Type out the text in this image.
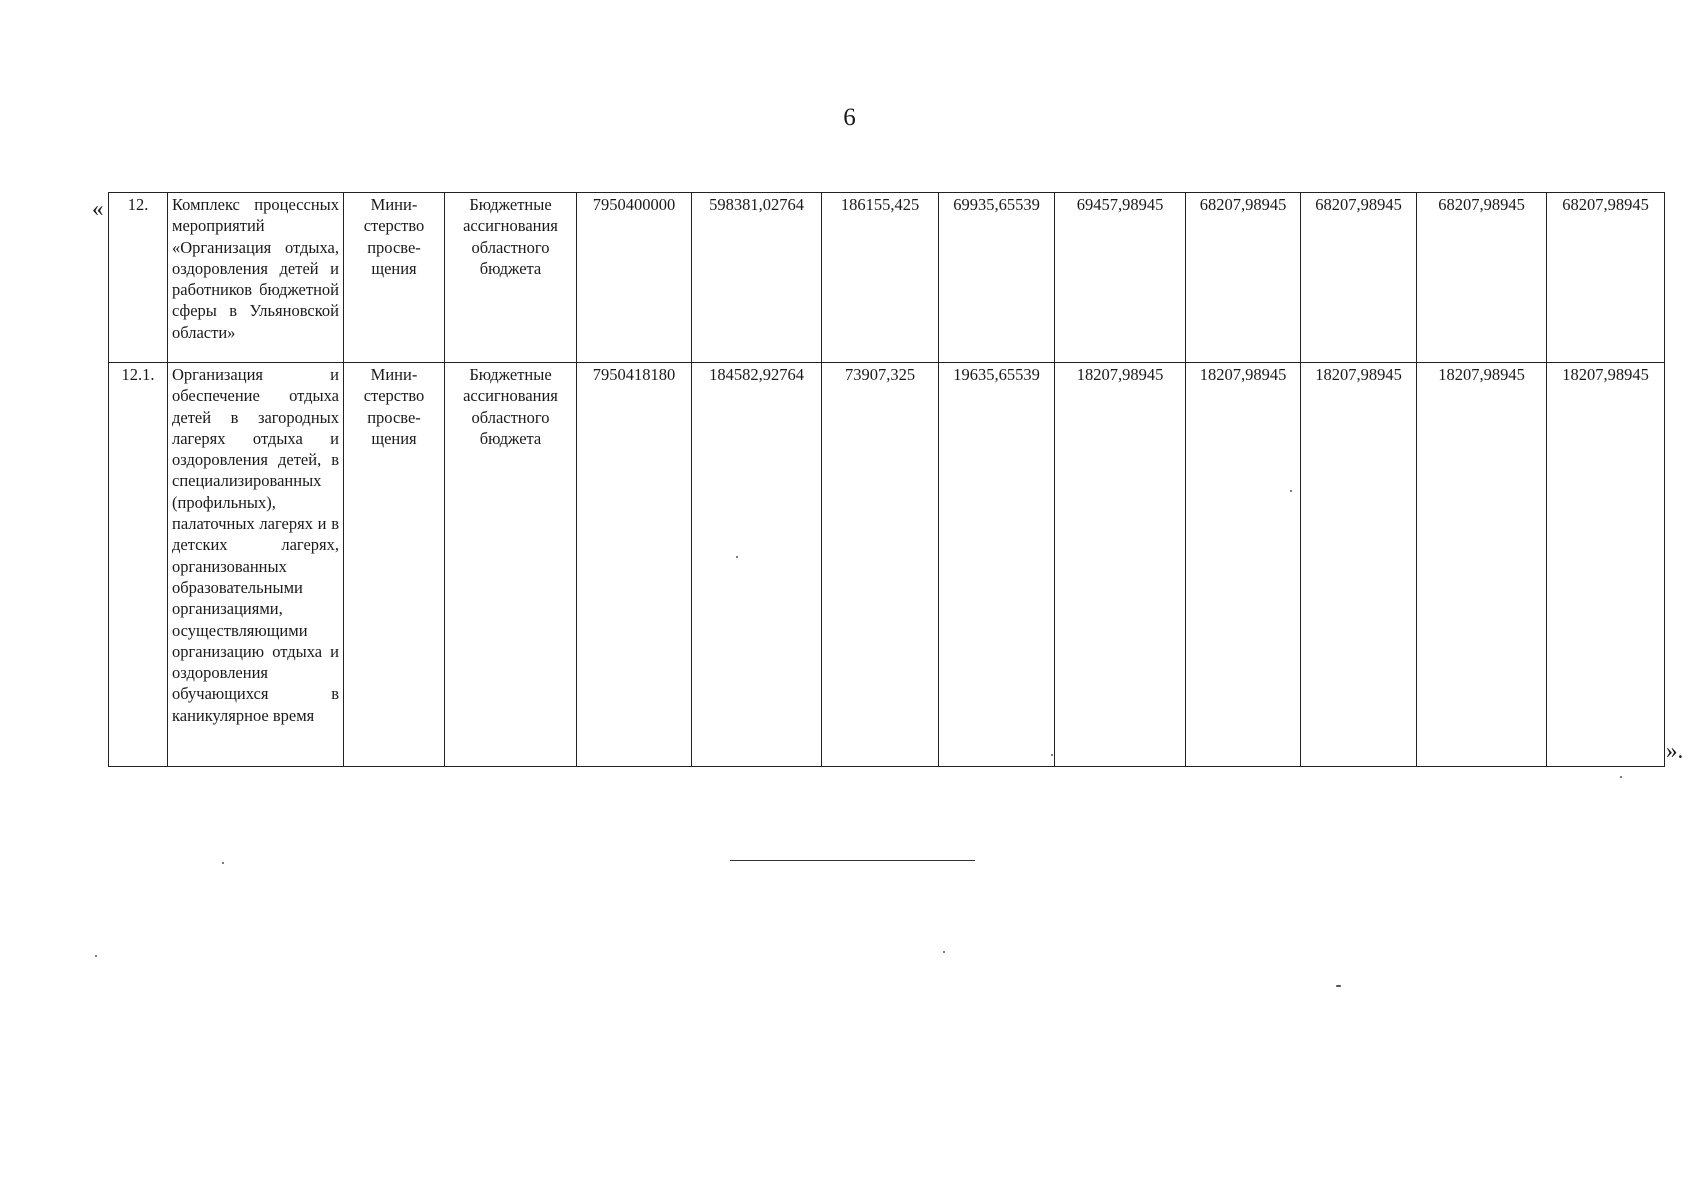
6
« 12.	Комплекс процессных мероприятий «Организация отдыха, оздоровления детей и работников бюджетной сферы в Ульяновской области»	Министерство просвещения	Бюджетные ассигнования областного бюджета	7950400000	598381,02764	186155,425	69935,65539	69457,98945	68207,98945	68207,98945	68207,98945	68207,98945
12.1.	Организация и обеспечение отдыха детей в загородных лагерях отдыха и оздоровления детей, в специализированных (профильных), палаточных лагерях и в детских лагерях, организованных образовательными организациями, осуществляющими организацию отдыха и оздоровления обучающихся в каникулярное время	Министерство просвещения	Бюджетные ассигнования областного бюджета	7950418180	184582,92764	73907,325	19635,65539	18207,98945	18207,98945	18207,98945	18207,98945	18207,98945
».
